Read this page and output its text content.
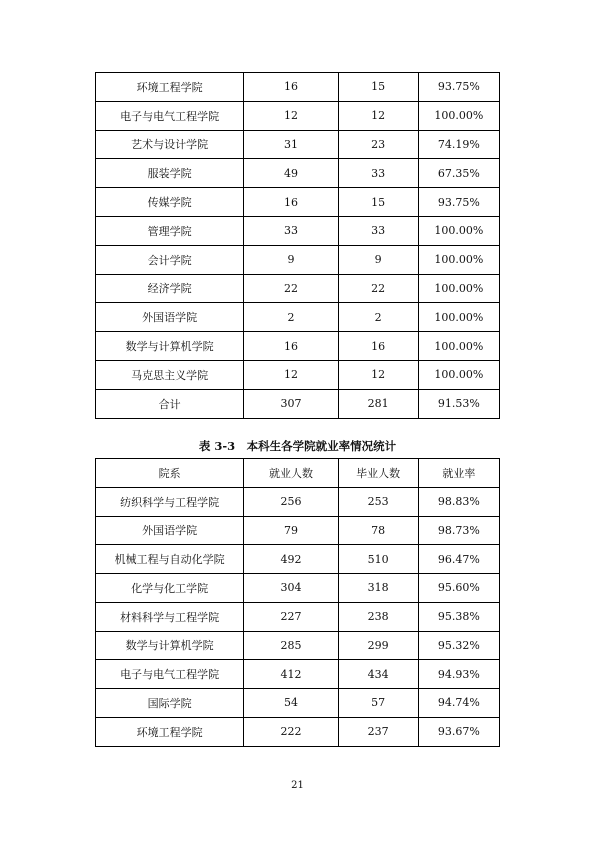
环境工程学院	16	15	93.75%
电子与电气工程学院	12	12	100.00%
艺术与设计学院	31	23	74.19%
服装学院	49	33	67.35%
传媒学院	16	15	93.75%
管理学院	33	33	100.00%
会计学院	9	9	100.00%
经济学院	22	22	100.00%
外国语学院	2	2	100.00%
数学与计算机学院	16	16	100.00%
马克思主义学院	12	12	100.00%
合计	307	281	91.53%
表 3-3　本科生各学院就业率情况统计
院系	就业人数	毕业人数	就业率
纺织科学与工程学院	256	253	98.83%
外国语学院	79	78	98.73%
机械工程与自动化学院	492	510	96.47%
化学与化工学院	304	318	95.60%
材料科学与工程学院	227	238	95.38%
数学与计算机学院	285	299	95.32%
电子与电气工程学院	412	434	94.93%
国际学院	54	57	94.74%
环境工程学院	222	237	93.67%
21
